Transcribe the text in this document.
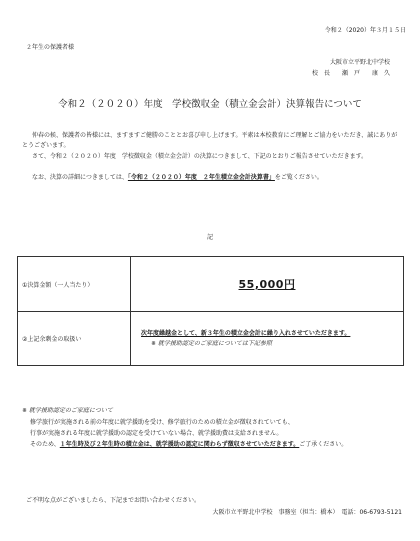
令和２（2020）年３月１５日
２年生の保護者様
大阪市立平野北中学校
校　長　　瀬　戸　　康　久
令和２（２０２０）年度　学校徴収金（積立金会計）決算報告について
仲春の候、保護者の皆様には、ますますご健勝のこととお喜び申し上げます。平素は本校教育にご理解とご協力をいただき、誠にありがとうございます。
さて、令和２（２０２０）年度　学校徴収金（積立金会計）の決算につきまして、下記のとおりご報告させていただきます。
なお、決算の詳細につきましては、「令和２（２０２０）年度　２年生積立金会計決算書」をご覧ください。
記
①決算金額（一人当たり）	55,000円
②上記余剰金の取扱い	次年度繰越金として、新３年生の積立金会計に繰り入れさせていただきます。
※ 就学援助認定のご家庭については下記参照
※ 就学援助認定のご家庭について
修学旅行が実施される前の年度に就学援助を受け、修学旅行のための積立金が徴収されていても、
行事が実施される年度に就学援助の認定を受けていない場合、就学援助費は支給されません。
そのため、１年生時及び２年生時の積立金は、就学援助の認定に関わらず徴収させていただきます。ご了承ください。
ご不明な点がございましたら、下記までお問い合わせください。
大阪市立平野北中学校　事務室（担当：橋本）　電話：06-6793-5121
